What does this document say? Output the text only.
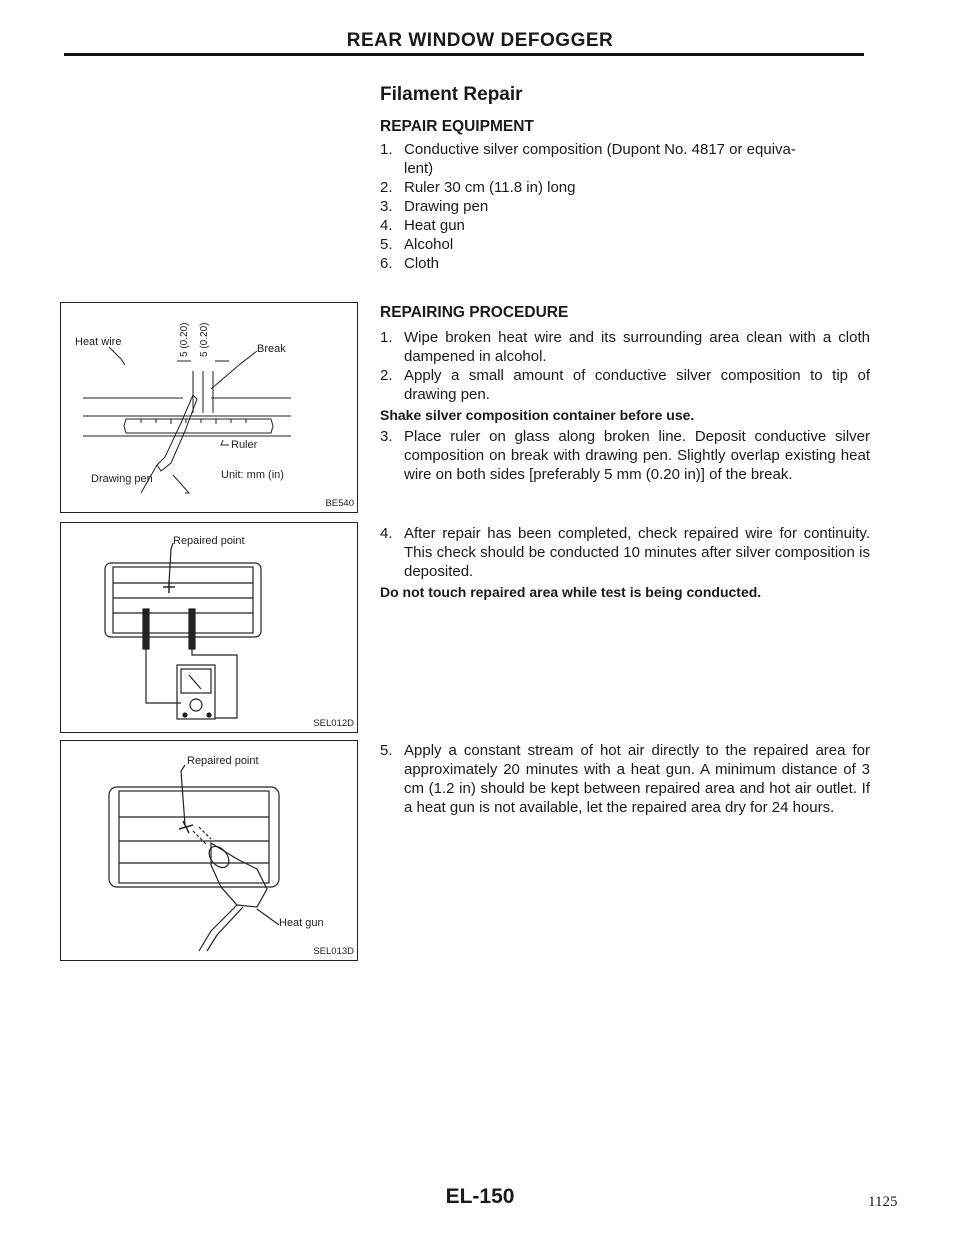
REAR WINDOW DEFOGGER
Filament Repair
REPAIR EQUIPMENT
1. Conductive silver composition (Dupont No. 4817 or equiva-
lent)
2. Ruler 30 cm (11.8 in) long
3. Drawing pen
4. Heat gun
5. Alcohol
6. Cloth
REPAIRING PROCEDURE
1. Wipe broken heat wire and its surrounding area clean with a cloth dampened in alcohol.
2. Apply a small amount of conductive silver composition to tip of drawing pen.
Shake silver composition container before use.
3. Place ruler on glass along broken line. Deposit conductive silver composition on break with drawing pen. Slightly overlap existing heat wire on both sides [preferably 5 mm (0.20 in)] of the break.
4. After repair has been completed, check repaired wire for continuity. This check should be conducted 10 minutes after silver composition is deposited.
Do not touch repaired area while test is being conducted.
5. Apply a constant stream of hot air directly to the repaired area for approximately 20 minutes with a heat gun. A minimum distance of 3 cm (1.2 in) should be kept between repaired area and hot air outlet. If a heat gun is not available, let the repaired area dry for 24 hours.
Heat wire	5 (0.20) 5 (0.20)	Break
Ruler
Drawing pen	Unit: mm (in)
BE540
Repaired point
SEL012D
Repaired point
Heat gun
SEL013D
EL-150	1125
